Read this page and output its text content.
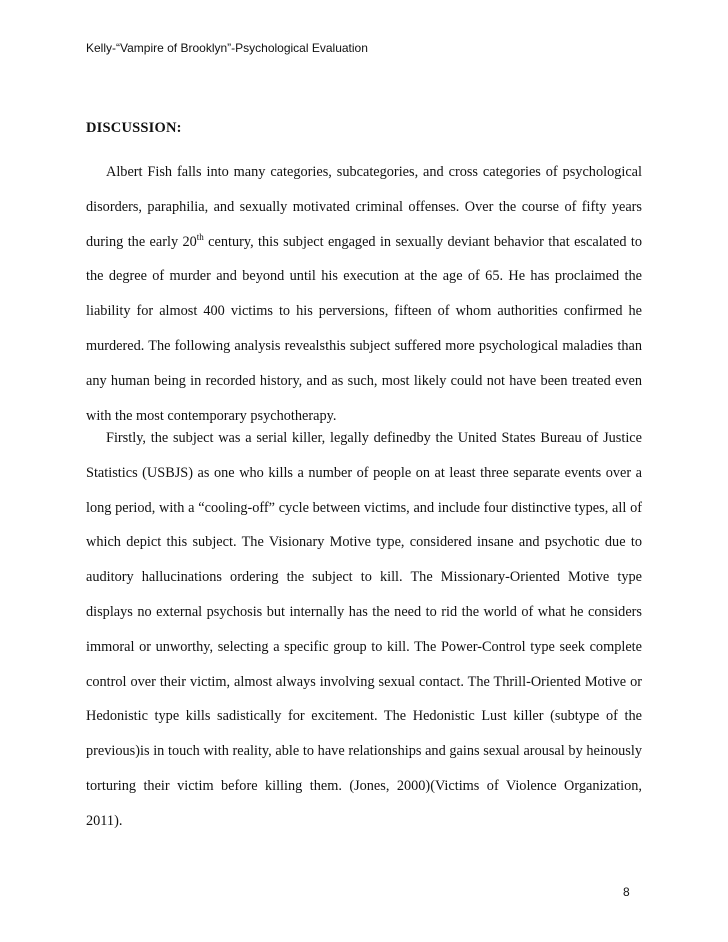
Kelly-“Vampire of Brooklyn”-Psychological Evaluation
DISCUSSION:

Albert Fish falls into many categories, subcategories, and cross categories of psychological disorders, paraphilia, and sexually motivated criminal offenses. Over the course of fifty years during the early 20th century, this subject engaged in sexually deviant behavior that escalated to the degree of murder and beyond until his execution at the age of 65. He has proclaimed the liability for almost 400 victims to his perversions, fifteen of whom authorities confirmed he murdered. The following analysis revealsthis subject suffered more psychological maladies than any human being in recorded history, and as such, most likely could not have been treated even with the most contemporary psychotherapy.

Firstly, the subject was a serial killer, legally definedby the United States Bureau of Justice Statistics (USBJS) as one who kills a number of people on at least three separate events over a long period, with a “cooling-off” cycle between victims, and include four distinctive types, all of which depict this subject. The Visionary Motive type, considered insane and psychotic due to auditory hallucinations ordering the subject to kill. The Missionary-Oriented Motive type displays no external psychosis but internally has the need to rid the world of what he considers immoral or unworthy, selecting a specific group to kill. The Power-Control type seek complete control over their victim, almost always involving sexual contact. The Thrill-Oriented Motive or Hedonistic type kills sadistically for excitement. The Hedonistic Lust killer (subtype of the previous)is in touch with reality, able to have relationships and gains sexual arousal by heinously torturing their victim before killing them. (Jones, 2000)(Victims of Violence Organization, 2011).

8
